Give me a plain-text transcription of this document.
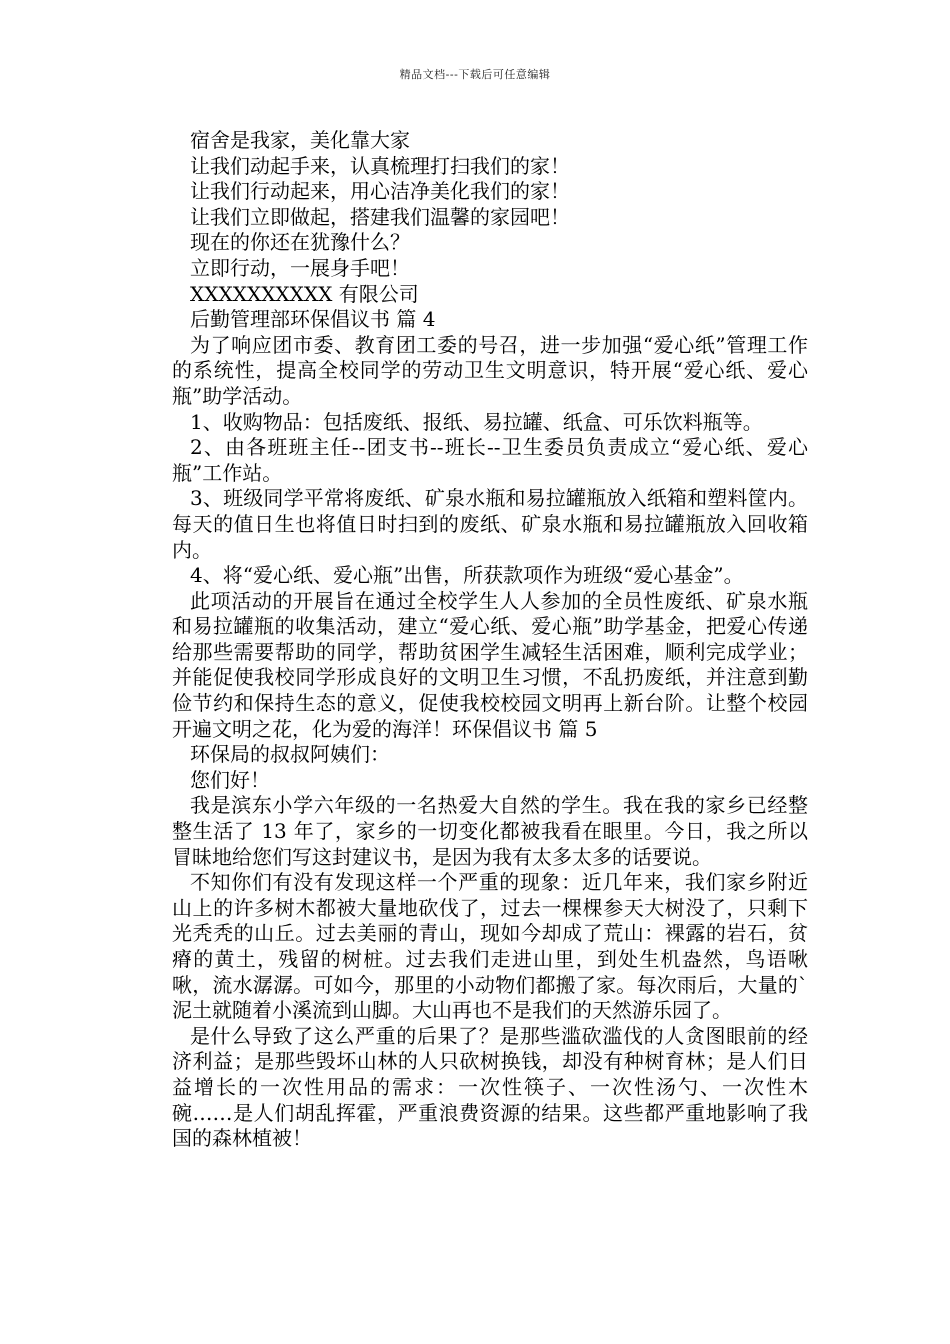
精品文档---下载后可任意编辑

宿舍是我家，美化靠大家

让我们动起手来，认真梳理打扫我们的家！

让我们行动起来，用心洁净美化我们的家！

让我们立即做起，搭建我们温馨的家园吧！

现在的你还在犹豫什么？

立即行动，一展身手吧！

XXXXXXXXXX 有限公司

后勤管理部环保倡议书 篇 4

为了响应团市委、教育团工委的号召，进一步加强“爱心纸”管理工作的系统性，提高全校同学的劳动卫生文明意识，特开展“爱心纸、爱心瓶”助学活动。

1、收购物品：包括废纸、报纸、易拉罐、纸盒、可乐饮料瓶等。

2、由各班班主任--团支书--班长--卫生委员负责成立“爱心纸、爱心瓶”工作站。

3、班级同学平常将废纸、矿泉水瓶和易拉罐瓶放入纸箱和塑料筐内。每天的值日生也将值日时扫到的废纸、矿泉水瓶和易拉罐瓶放入回收箱内。

4、将“爱心纸、爱心瓶”出售，所获款项作为班级“爱心基金”。

此项活动的开展旨在通过全校学生人人参加的全员性废纸、矿泉水瓶和易拉罐瓶的收集活动，建立“爱心纸、爱心瓶”助学基金，把爱心传递给那些需要帮助的同学，帮助贫困学生减轻生活困难，顺利完成学业；并能促使我校同学形成良好的文明卫生习惯，不乱扔废纸，并注意到勤俭节约和保持生态的意义，促使我校校园文明再上新台阶。让整个校园开遍文明之花，化为爱的海洋！环保倡议书 篇 5

环保局的叔叔阿姨们：

您们好！

我是滨东小学六年级的一名热爱大自然的学生。我在我的家乡已经整整生活了 13 年了，家乡的一切变化都被我看在眼里。今日，我之所以冒昧地给您们写这封建议书，是因为我有太多太多的话要说。

不知你们有没有发现这样一个严重的现象：近几年来，我们家乡附近山上的许多树木都被大量地砍伐了，过去一棵棵参天大树没了，只剩下光秃秃的山丘。过去美丽的青山，现如今却成了荒山：裸露的岩石，贫瘠的黄土，残留的树桩。过去我们走进山里，到处生机盎然，鸟语啾啾，流水潺潺。可如今，那里的小动物们都搬了家。每次雨后，大量的`泥土就随着小溪流到山脚。大山再也不是我们的天然游乐园了。

是什么导致了这么严重的后果了？是那些滥砍滥伐的人贪图眼前的经济利益；是那些毁坏山林的人只砍树换钱，却没有种树育林；是人们日益增长的一次性用品的需求：一次性筷子、一次性汤勺、一次性木碗……是人们胡乱挥霍，严重浪费资源的结果。这些都严重地影响了我国的森林植被！
